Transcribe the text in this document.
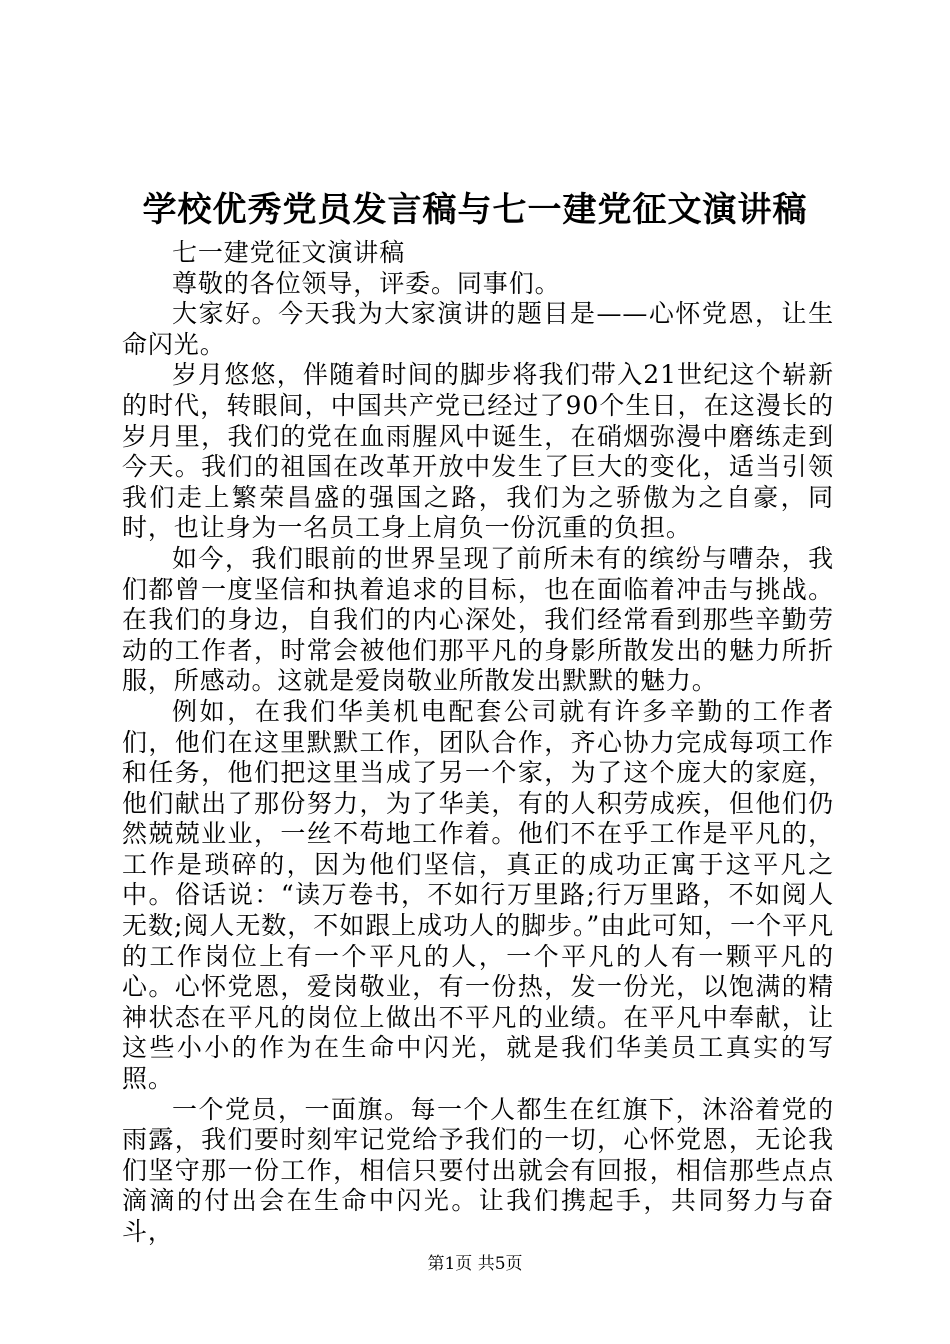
学校优秀党员发言稿与七一建党征文演讲稿

七一建党征文演讲稿

尊敬的各位领导，评委。同事们。

大家好。今天我为大家演讲的题目是——心怀党恩，让生命闪光。

岁月悠悠，伴随着时间的脚步将我们带入21世纪这个崭新的时代，转眼间，中国共产党已经过了90个生日，在这漫长的岁月里，我们的党在血雨腥风中诞生，在硝烟弥漫中磨练走到今天。我们的祖国在改革开放中发生了巨大的变化，适当引领我们走上繁荣昌盛的强国之路，我们为之骄傲为之自豪，同时，也让身为一名员工身上肩负一份沉重的负担。

如今，我们眼前的世界呈现了前所未有的缤纷与嘈杂，我们都曾一度坚信和执着追求的目标，也在面临着冲击与挑战。在我们的身边，自我们的内心深处，我们经常看到那些辛勤劳动的工作者，时常会被他们那平凡的身影所散发出的魅力所折服，所感动。这就是爱岗敬业所散发出默默的魅力。

例如，在我们华美机电配套公司就有许多辛勤的工作者们，他们在这里默默工作，团队合作，齐心协力完成每项工作和任务，他们把这里当成了另一个家，为了这个庞大的家庭，他们献出了那份努力，为了华美，有的人积劳成疾，但他们仍然兢兢业业，一丝不苟地工作着。他们不在乎工作是平凡的，工作是琐碎的，因为他们坚信，真正的成功正寓于这平凡之中。俗话说：“读万卷书，不如行万里路;行万里路，不如阅人无数;阅人无数，不如跟上成功人的脚步。”由此可知，一个平凡的工作岗位上有一个平凡的人，一个平凡的人有一颗平凡的心。心怀党恩，爱岗敬业，有一份热，发一份光，以饱满的精神状态在平凡的岗位上做出不平凡的业绩。在平凡中奉献，让这些小小的作为在生命中闪光，就是我们华美员工真实的写照。

一个党员，一面旗。每一个人都生在红旗下，沐浴着党的雨露，我们要时刻牢记党给予我们的一切，心怀党恩，无论我们坚守那一份工作，相信只要付出就会有回报，相信那些点点滴滴的付出会在生命中闪光。让我们携起手，共同努力与奋斗，

第1页 共5页
